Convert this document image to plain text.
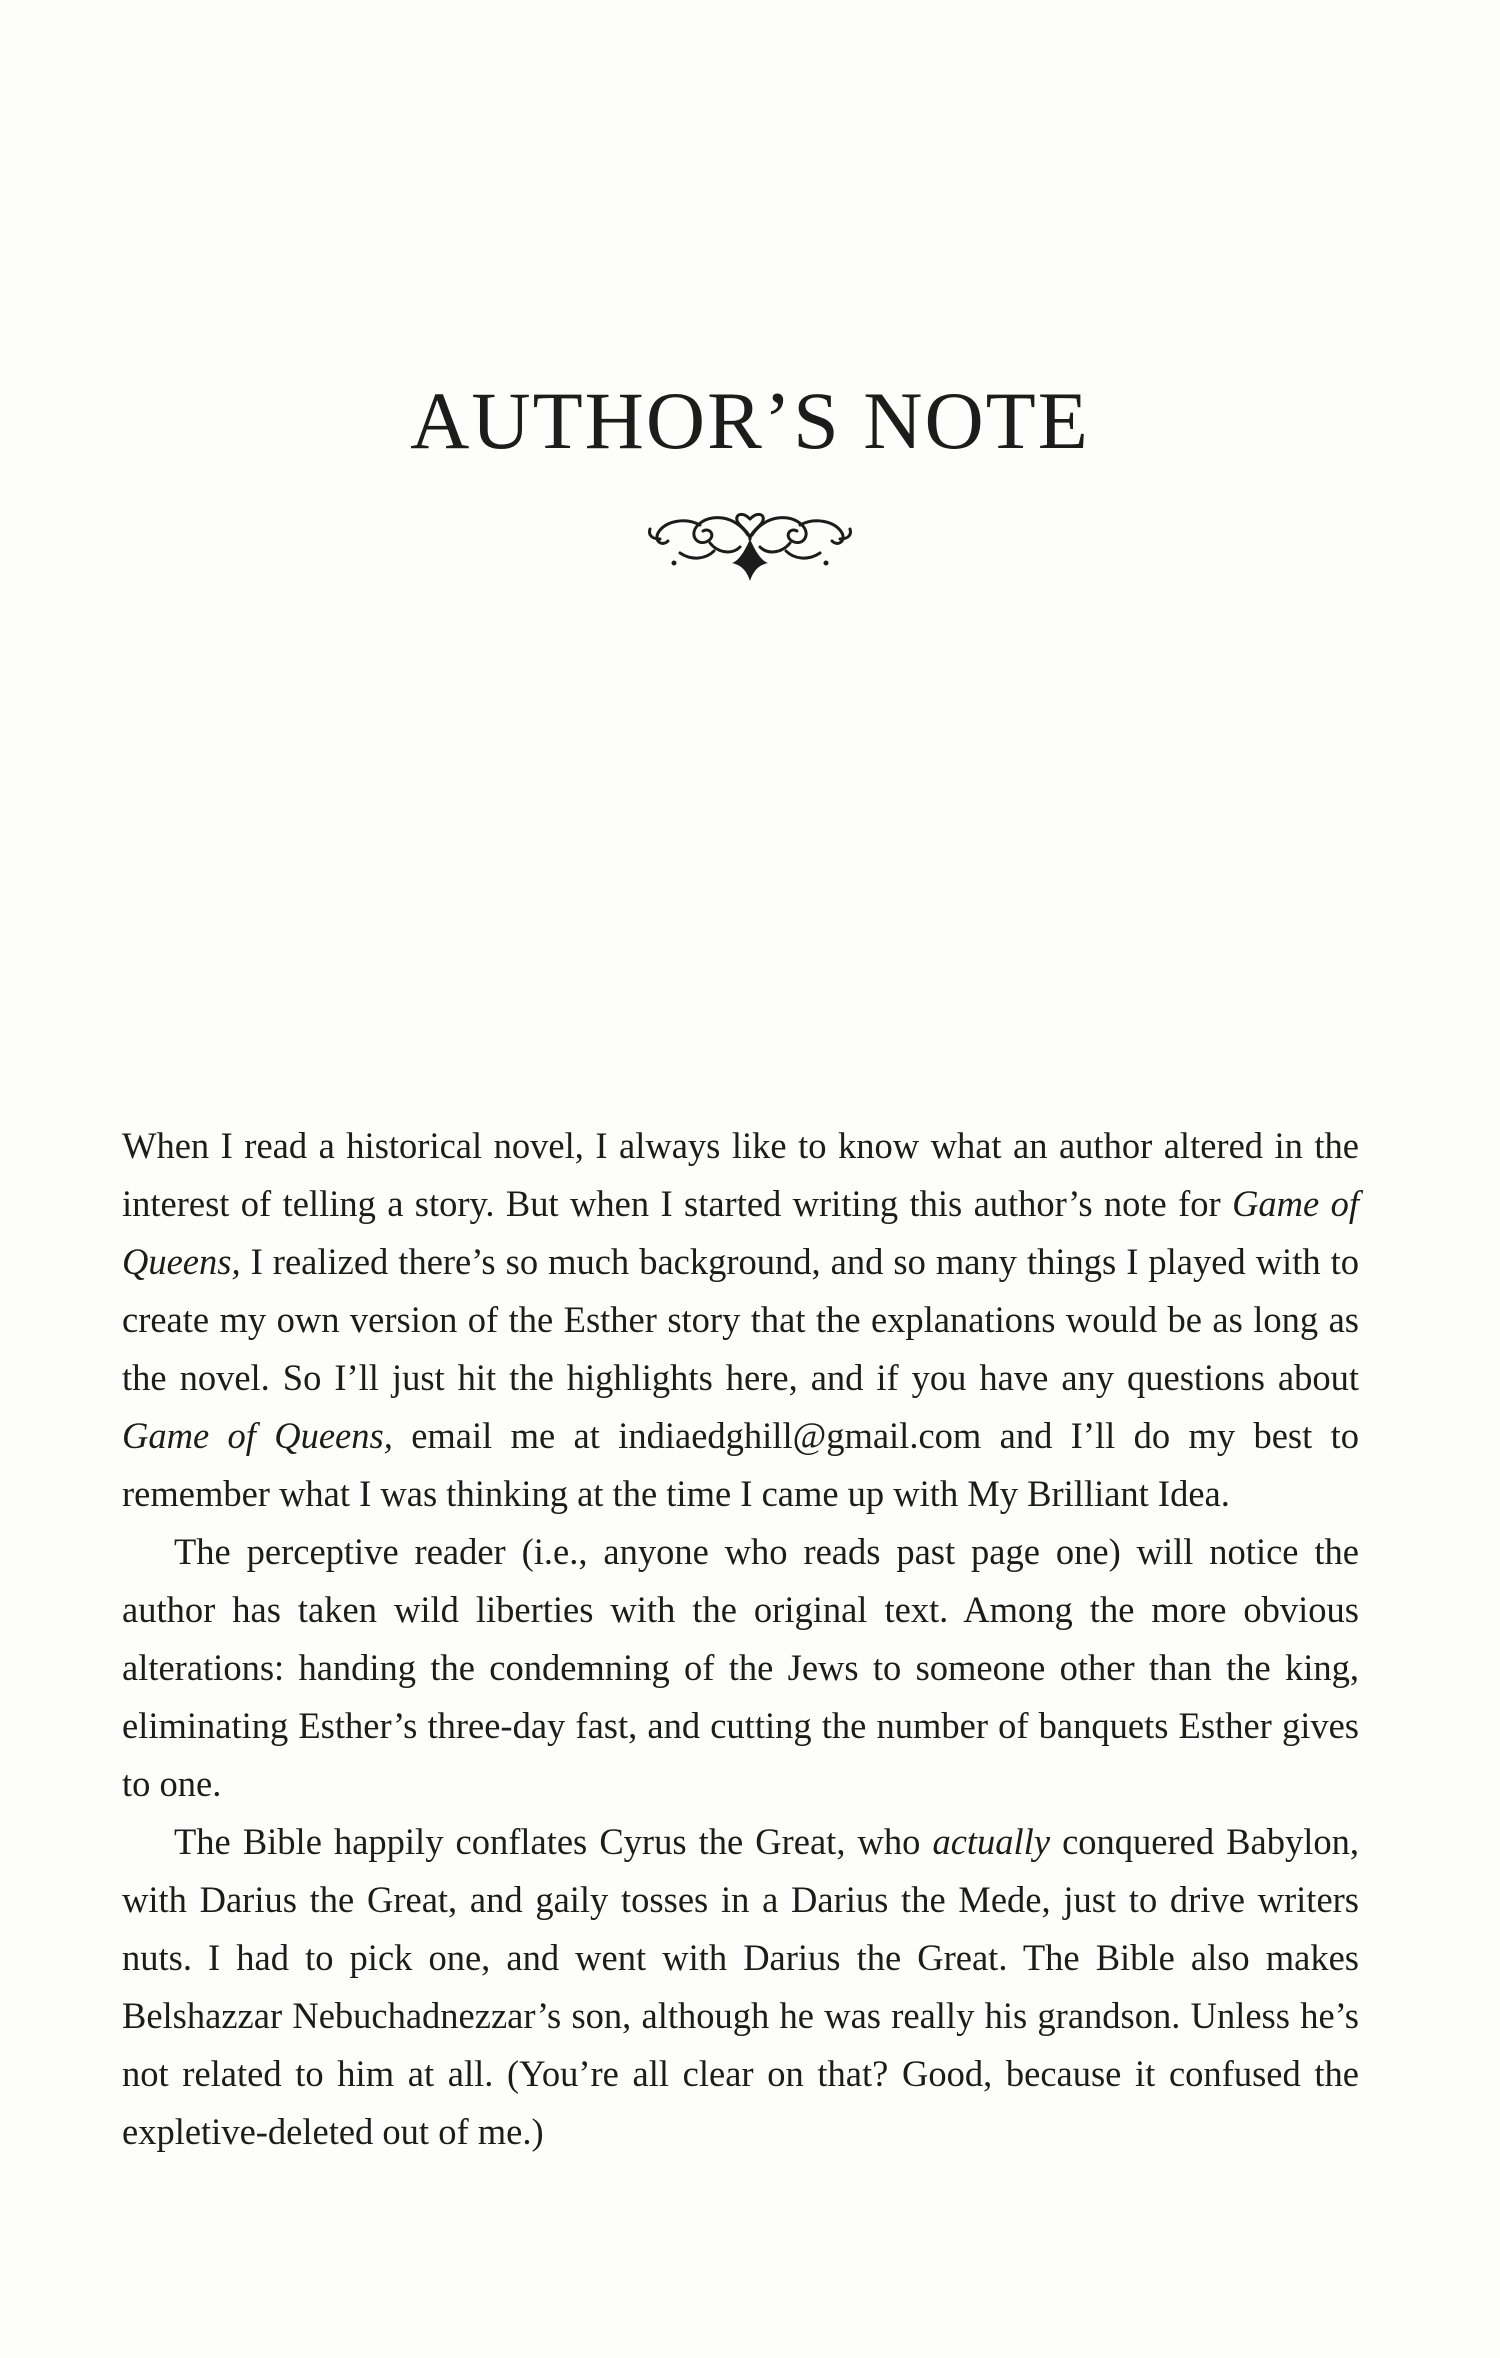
AUTHOR’S NOTE

When I read a historical novel, I always like to know what an author altered in the interest of telling a story. But when I started writing this author’s note for Game of Queens, I realized there’s so much background, and so many things I played with to create my own version of the Esther story that the explanations would be as long as the novel. So I’ll just hit the highlights here, and if you have any questions about Game of Queens, email me at indiaedghill@gmail.com and I’ll do my best to remember what I was thinking at the time I came up with My Brilliant Idea.

The perceptive reader (i.e., anyone who reads past page one) will notice the author has taken wild liberties with the original text. Among the more obvious alterations: handing the condemning of the Jews to someone other than the king, eliminating Esther’s three-day fast, and cutting the number of banquets Esther gives to one.

The Bible happily conflates Cyrus the Great, who actually conquered Babylon, with Darius the Great, and gaily tosses in a Darius the Mede, just to drive writers nuts. I had to pick one, and went with Darius the Great. The Bible also makes Belshazzar Nebuchadnezzar’s son, although he was really his grandson. Unless he’s not related to him at all. (You’re all clear on that? Good, because it confused the expletive-deleted out of me.)
